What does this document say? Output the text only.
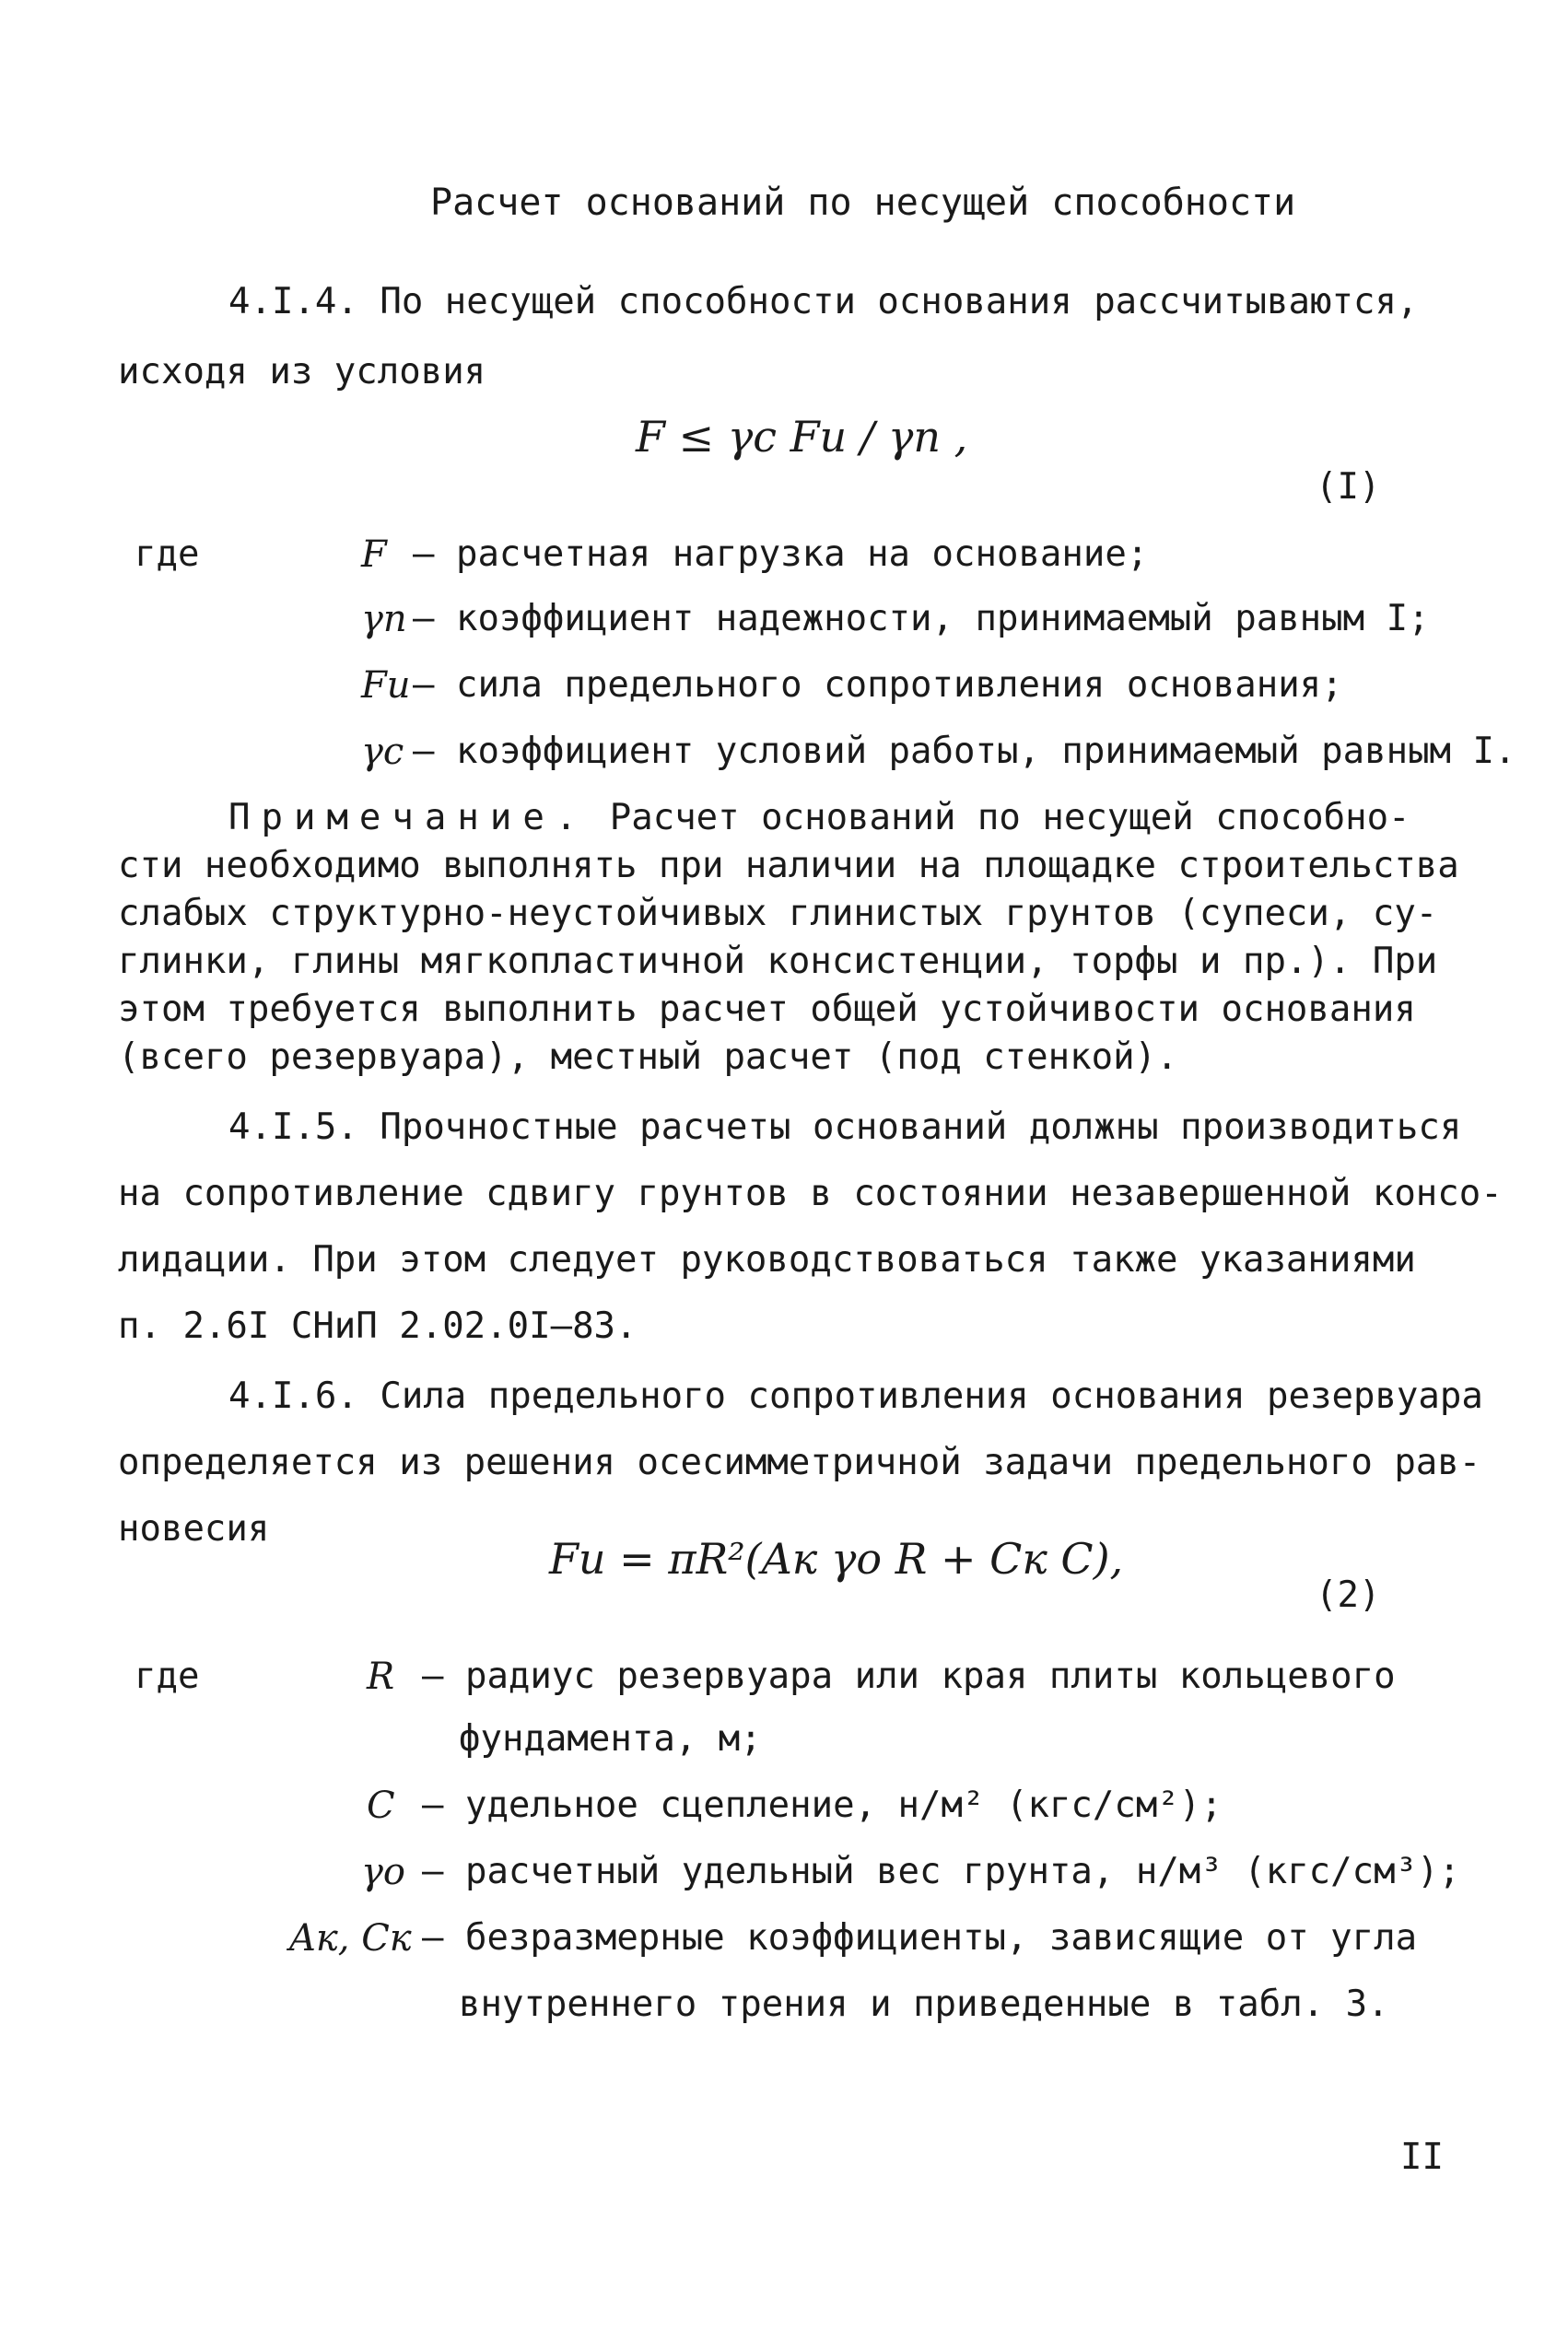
Расчет оснований по несущей способности
4.I.4. По несущей способности основания рассчитываются,
исходя из условия
F ≤ γc Fu / γn ,
(I)
где	F – расчетная нагрузка на основание;
γn – коэффициент надежности, принимаемый равным I;
Fu – сила предельного сопротивления основания;
γc – коэффициент условий работы, принимаемый равным I.
Примечание. Расчет оснований по несущей способно-
сти необходимо выполнять при наличии на площадке строительства
слабых структурно-неустойчивых глинистых грунтов (супеси, су-
глинки, глины мягкопластичной консистенции, торфы и пр.). При
этом требуется выполнить расчет общей устойчивости основания
(всего резервуара), местный расчет (под стенкой).
4.I.5. Прочностные расчеты оснований должны производиться
на сопротивление сдвигу грунтов в состоянии незавершенной консо-
лидации. При этом следует руководствоваться также указаниями
п. 2.6I СНиП 2.02.0I–83.
4.I.6. Сила предельного сопротивления основания резервуара
определяется из решения осесимметричной задачи предельного рав-
новесия
Fu = πR²(Aк γo R + Cк C),
(2)
где	R – радиус резервуара или края плиты кольцевого
фундамента, м;
C – удельное сцепление, н/м² (кгс/см²);
γo – расчетный удельный вес грунта, н/м³ (кгс/см³);
Aк, Cк – безразмерные коэффициенты, зависящие от угла
внутреннего трения и приведенные в табл. 3.
II
